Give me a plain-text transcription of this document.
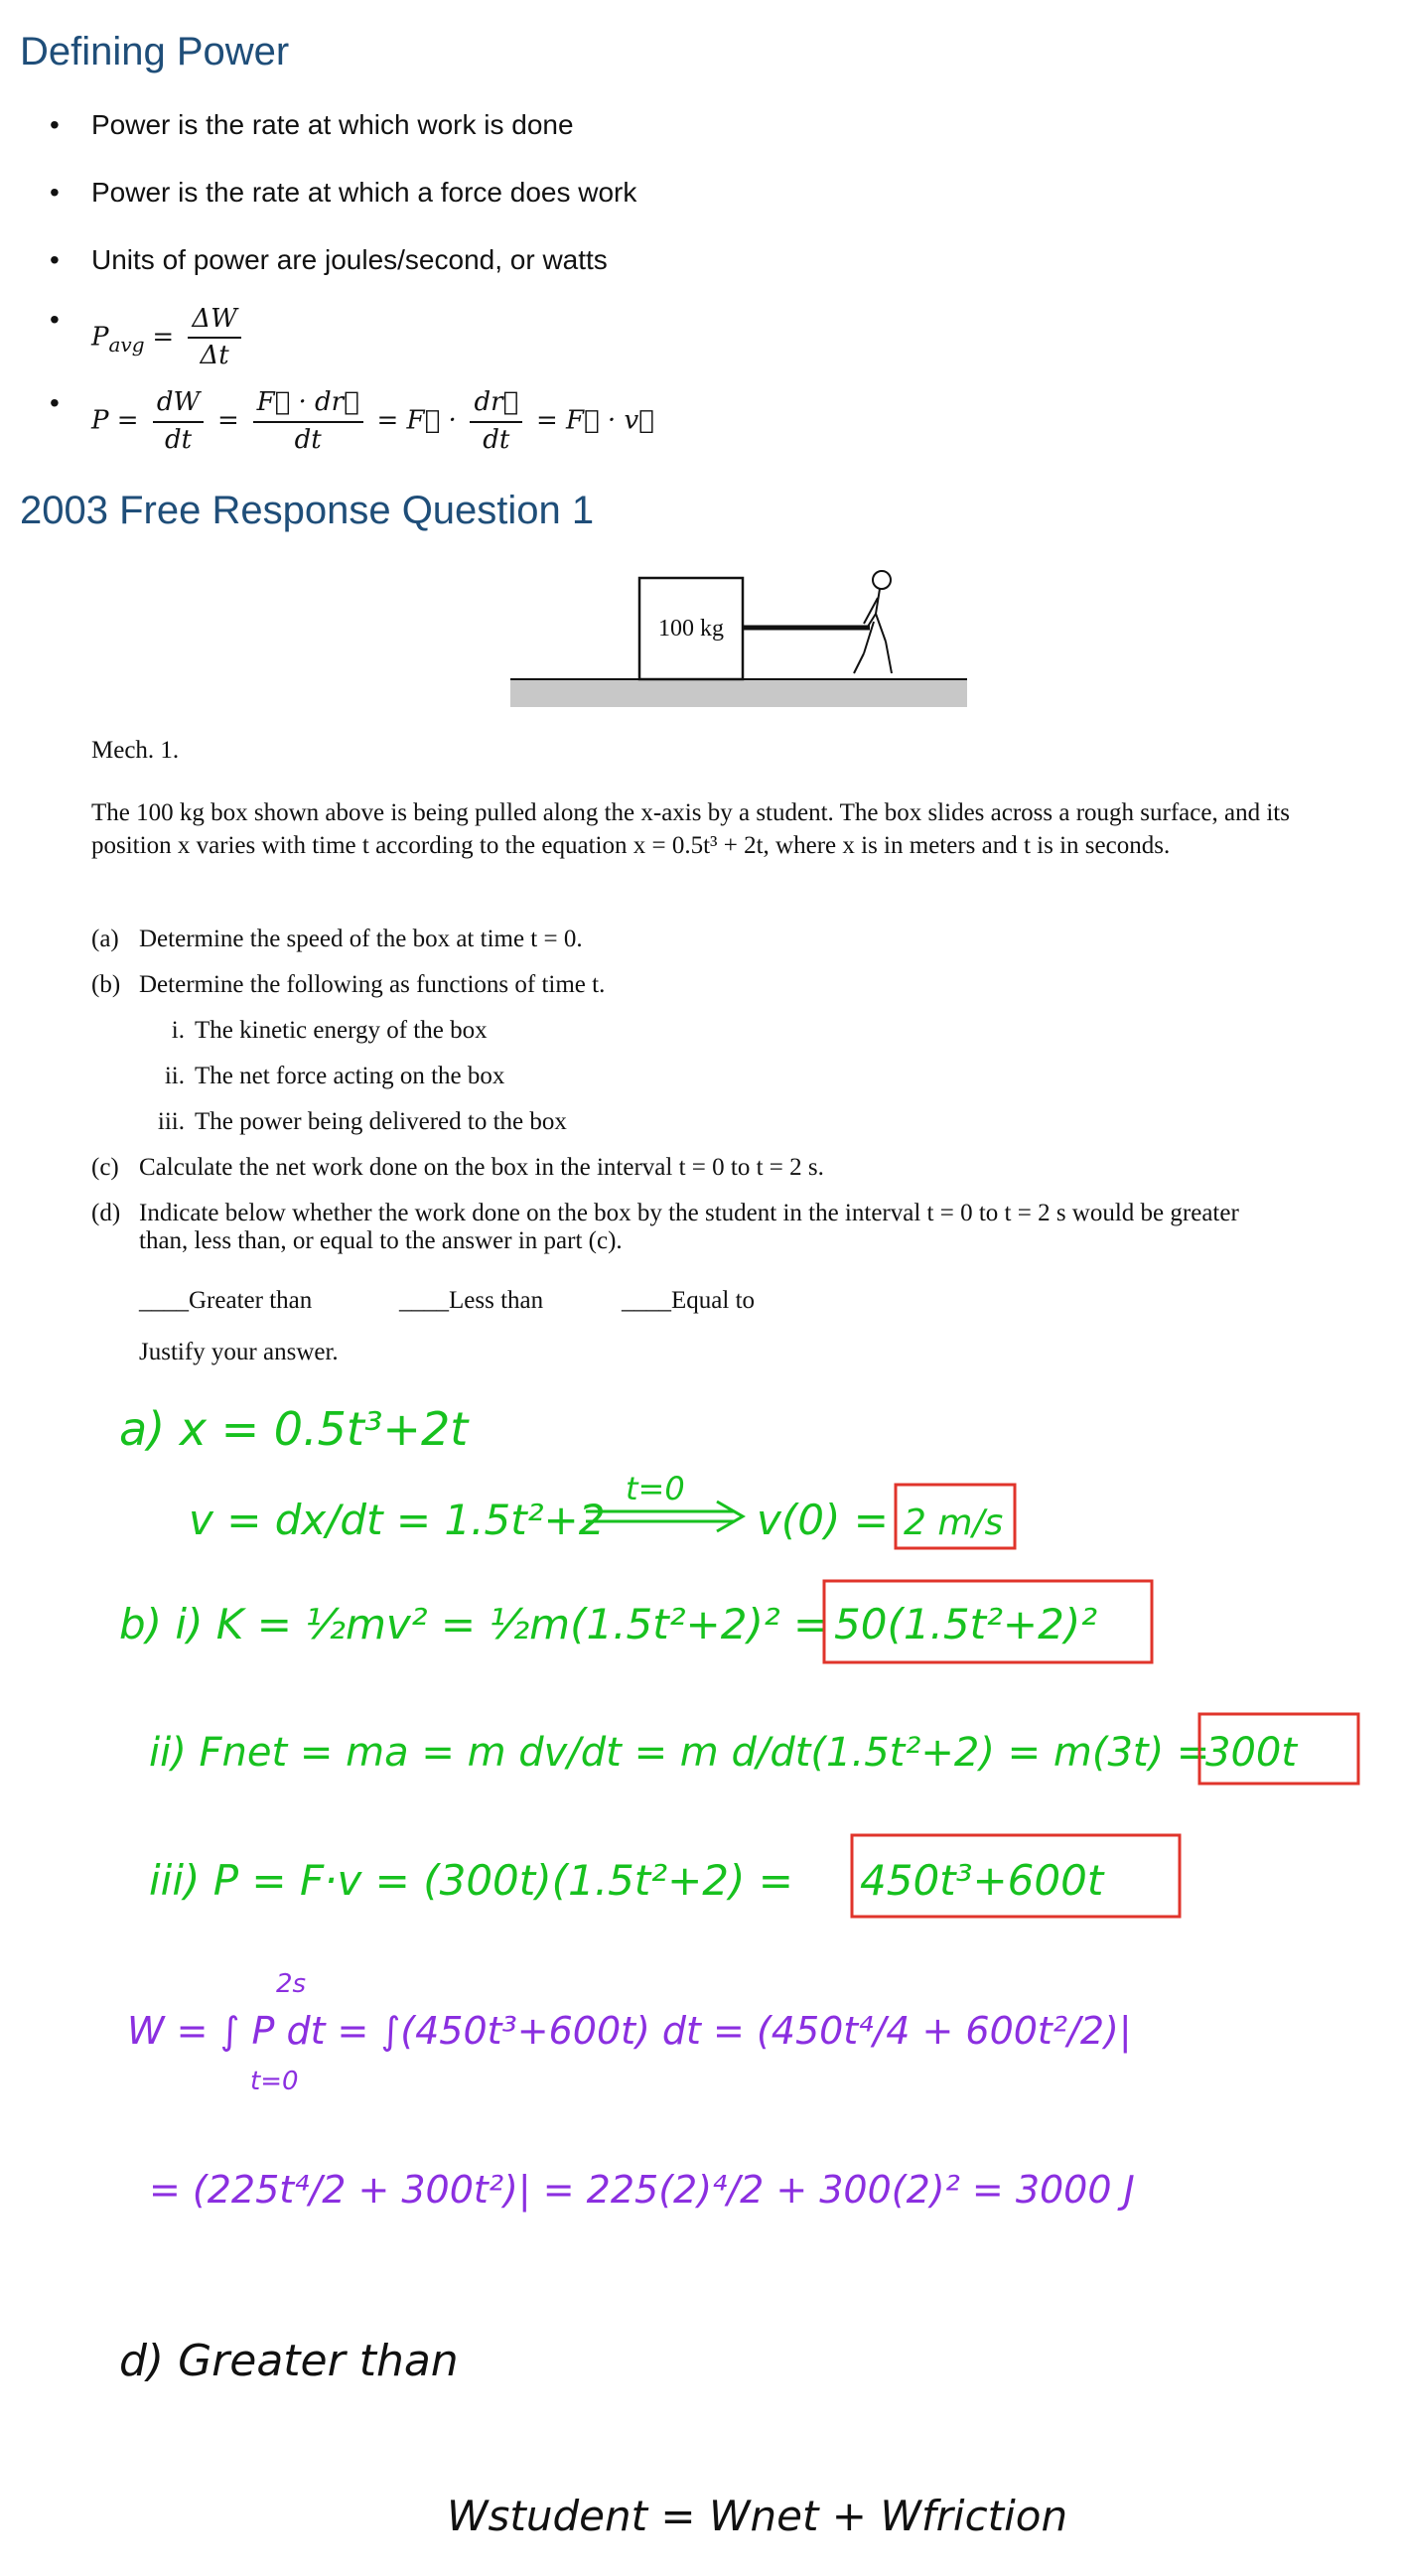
Defining Power
• Power is the rate at which work is done
• Power is the rate at which a force does work
• Units of power are joules/second, or watts
• $P_{avg} = \frac{\Delta W}{\Delta t}$
• $P = \frac{dW}{dt} = \frac{F⃗ \cdot dr⃗}{dt}$ = F⃗ · $\frac{dr⃗}{dt}$ = F⃗ · v⃗
2003 Free Response Question 1
100 kg
Mech. 1.
The 100 kg box shown above is being pulled along the x-axis by a student. The box slides across a rough surface, and its position x varies with time t according to the equation x = 0.5t³ + 2t, where x is in meters and t is in seconds.
(a) Determine the speed of the box at time t = 0.
(b) Determine the following as functions of time t.
i. The kinetic energy of the box
ii. The net force acting on the box
iii. The power being delivered to the box
(c) Calculate the net work done on the box in the interval t = 0 to t = 2 s.
(d) Indicate below whether the work done on the box by the student in the interval t = 0 to t = 2 s would be greater
than, less than, or equal to the answer in part (c).
____Greater than	____Less than	____Equal to
Justify your answer.
a) x = 0.5t³+2t
v = dx/dt = 1.5t²+2
t=0
v(0) = 2 m/s
b) i) K = ½mv² = ½m(1.5t²+2)² = 50(1.5t²+2)²
ii) Fnet = ma = m dv/dt = m d/dt(1.5t²+2) = m(3t) =
300t
iii) P = F·v = (300t)(1.5t²+2) = 450t³+600t
W = ∫ P dt = ∫(450t³+600t) dt = (450t⁴/4 + 600t²/2)|
2s
t=0
= (225t⁴/2 + 300t²)| = 225(2)⁴/2 + 300(2)² = 3000 J
d) Greater than
Wstudent = Wnet + Wfriction
